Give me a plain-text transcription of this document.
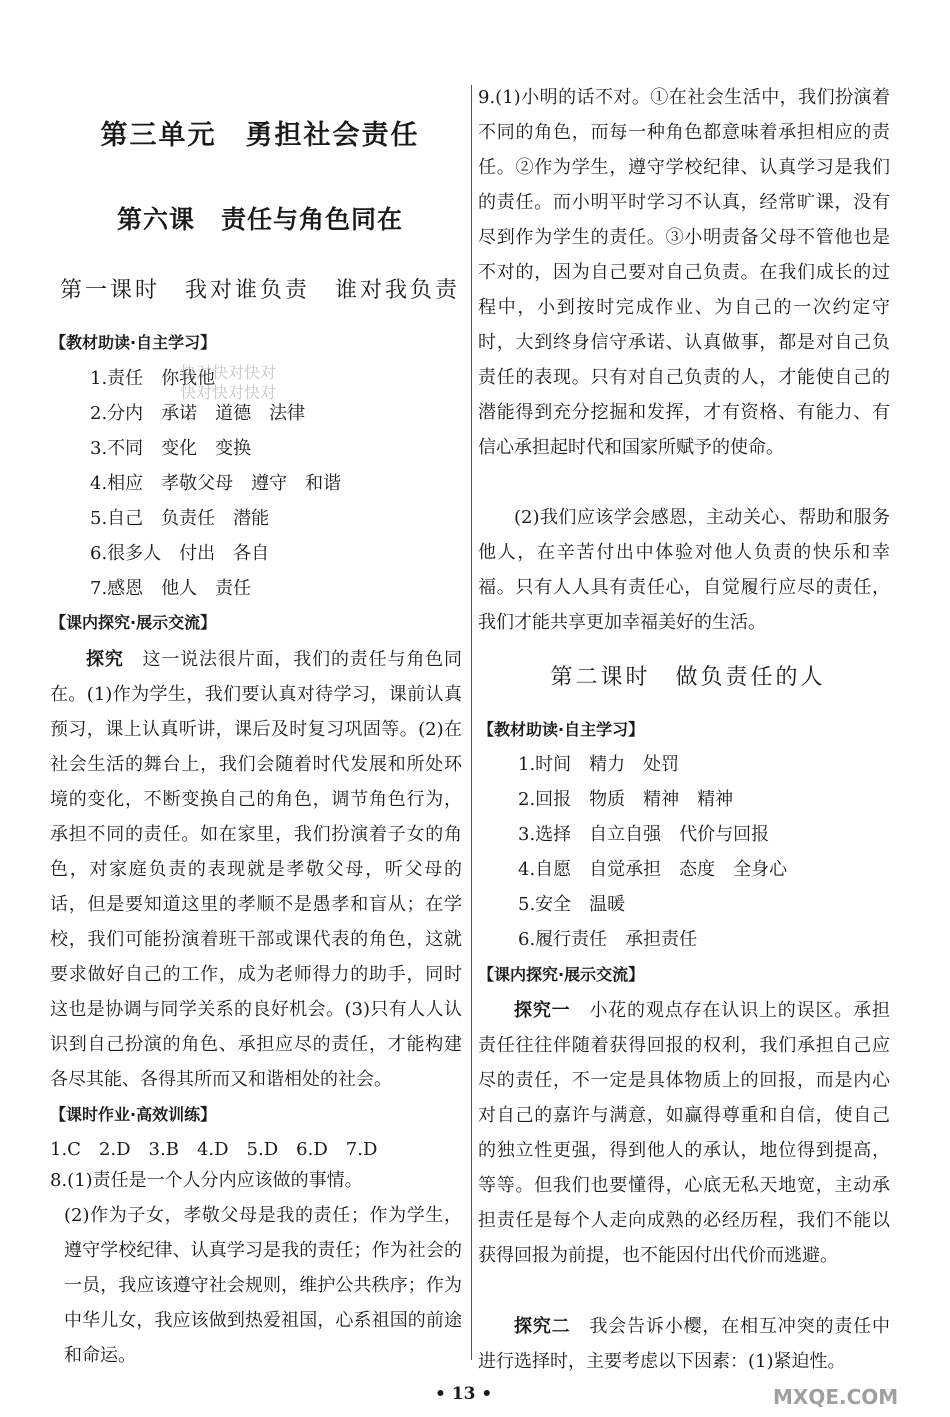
第三单元　勇担社会责任
第六课　责任与角色同在
第一课时　我对谁负责　谁对我负责
【教材助读·自主学习】
1.责任　你我他
2.分内　承诺　道德　法律
3.不同　变化　变换
4.相应　孝敬父母　遵守　和谐
5.自己　负责任　潜能
6.很多人　付出　各自
7.感恩　他人　责任
【课内探究·展示交流】

探究　 这一说法很片面，我们的责任与角色同在。(1)作为学生，我们要认真对待学习，课前认真预习，课上认真听讲，课后及时复习巩固等。(2)在社会生活的舞台上，我们会随着时代发展和所处环境的变化，不断变换自己的角色，调节角色行为，承担不同的责任。如在家里，我们扮演着子女的角色，对家庭负责的表现就是孝敬父母，听父母的话，但是要知道这里的孝顺不是愚孝和盲从；在学校，我们可能扮演着班干部或课代表的角色，这就要求做好自己的工作，成为老师得力的助手，同时这也是协调与同学关系的良好机会。(3)只有人人认识到自己扮演的角色、承担应尽的责任，才能构建各尽其能、各得其所而又和谐相处的社会。

【课时作业·高效训练】
1.C　2.D　3.B　4.D　5.D　6.D　7.D

8.(1)责任是一个人分内应该做的事情。

(2)作为子女，孝敬父母是我的责任；作为学生，遵守学校纪律、认真学习是我的责任；作为社会的一员，我应该遵守社会规则，维护公共秩序；作为中华儿女，我应该做到热爱祖国，心系祖国的前途和命运。

快对快对快对
快对快对快对

9.(1)小明的话不对。①在社会生活中，我们扮演着不同的角色，而每一种角色都意味着承担相应的责任。②作为学生，遵守学校纪律、认真学习是我们的责任。而小明平时学习不认真，经常旷课，没有尽到作为学生的责任。③小明责备父母不管他也是不对的，因为自己要对自己负责。在我们成长的过程中，小到按时完成作业、为自己的一次约定守时，大到终身信守承诺、认真做事，都是对自己负责任的表现。只有对自己负责的人，才能使自己的潜能得到充分挖掘和发挥，才有资格、有能力、有信心承担起时代和国家所赋予的使命。

(2)我们应该学会感恩，主动关心、帮助和服务他人，在辛苦付出中体验对他人负责的快乐和幸福。只有人人具有责任心，自觉履行应尽的责任，我们才能共享更加幸福美好的生活。

第二课时　做负责任的人
【教材助读·自主学习】
1.时间　精力　处罚
2.回报　物质　精神　精神
3.选择　自立自强　代价与回报
4.自愿　自觉承担　态度　全身心
5.安全　温暖
6.履行责任　承担责任
【课内探究·展示交流】

探究一　 小花的观点存在认识上的误区。承担责任往往伴随着获得回报的权利，我们承担自己应尽的责任，不一定是具体物质上的回报，而是内心对自己的嘉许与满意，如赢得尊重和自信，使自己的独立性更强，得到他人的承认，地位得到提高，等等。但我们也要懂得，心底无私天地宽，主动承担责任是每个人走向成熟的必经历程，我们不能以获得回报为前提，也不能因付出代价而逃避。

探究二　 我会告诉小樱，在相互冲突的责任中进行选择时，主要考虑以下因素：(1)紧迫性。

MXQE.COM
• 13 •
